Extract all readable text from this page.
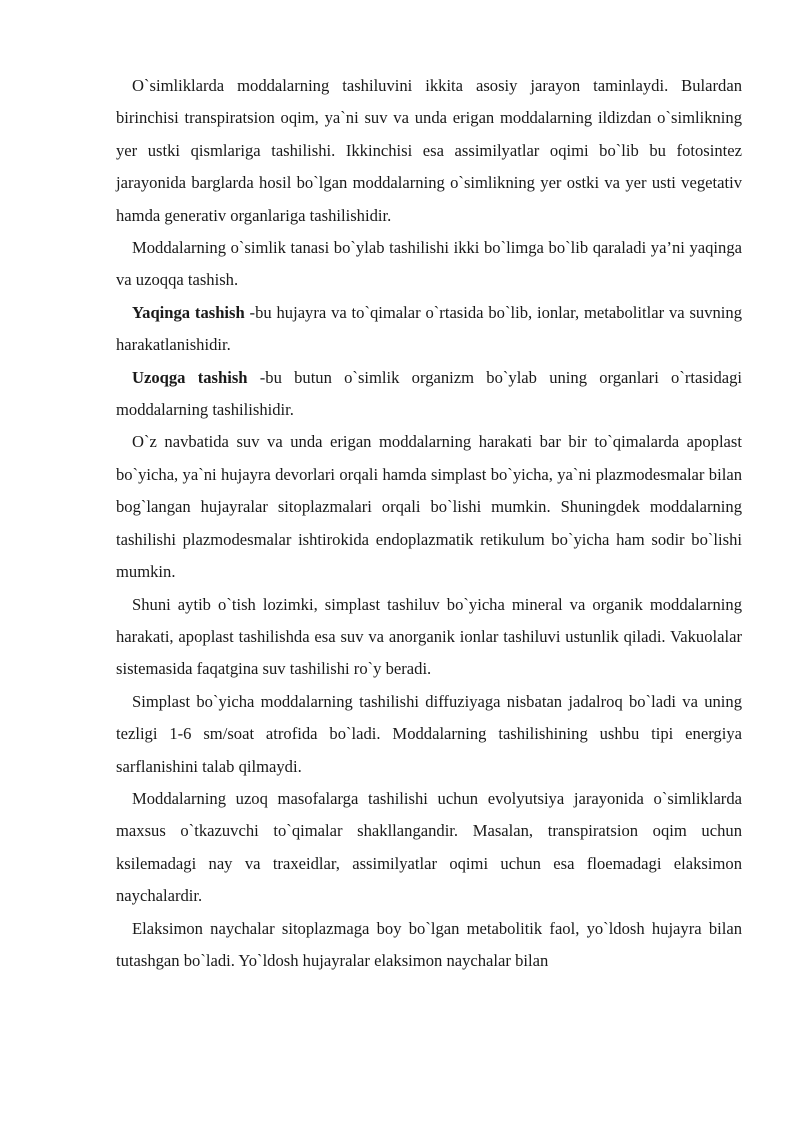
O`simliklarda moddalarning tashiluvini ikkita asosiy jarayon taminlaydi. Bulardan birinchisi transpiratsion oqim, ya`ni suv va unda erigan moddalarning ildizdan o`simlikning yer ustki qismlariga tashilishi. Ikkinchisi esa assimilyatlar oqimi bo`lib bu fotosintez jarayonida barglarda hosil bo`lgan moddalarning o`simlikning yer ostki va yer usti vegetativ hamda generativ organlariga tashilishidir.

Moddalarning o`simlik tanasi bo`ylab tashilishi ikki bo`limga bo`lib qaraladi ya’ni yaqinga va uzoqqa tashish.

Yaqinga tashish -bu hujayra va to`qimalar o`rtasida bo`lib, ionlar, metabolitlar va suvning harakatlanishidir.

Uzoqga tashish -bu butun o`simlik organizm bo`ylab uning organlari o`rtasidagi moddalarning tashilishidir.

O`z navbatida suv va unda erigan moddalarning harakati bar bir to`qimalarda apoplast bo`yicha, ya`ni hujayra devorlari orqali hamda simplast bo`yicha, ya`ni plazmodesmalar bilan bog`langan hujayralar sitoplazmalari orqali bo`lishi mumkin. Shuningdek moddalarning tashilishi plazmodesmalar ishtirokida endoplazmatik retikulum bo`yicha ham sodir bo`lishi mumkin.

Shuni aytib o`tish lozimki, simplast tashiluv bo`yicha mineral va organik moddalarning harakati, apoplast tashilishda esa suv va anorganik ionlar tashiluvi ustunlik qiladi. Vakuolalar sistemasida faqatgina suv tashilishi ro`y beradi.

Simplast bo`yicha moddalarning tashilishi diffuziyaga nisbatan jadalroq bo`ladi va uning tezligi 1-6 sm/soat atrofida bo`ladi. Moddalarning tashilishining ushbu tipi energiya sarflanishini talab qilmaydi.

Moddalarning uzoq masofalarga tashilishi uchun evolyutsiya jarayonida o`simliklarda maxsus o`tkazuvchi to`qimalar shakllangandir. Masalan, transpiratsion oqim uchun ksilemadagi nay va traxeidlar, assimilyatlar oqimi uchun esa floemadagi elaksimon naychalardir.

Elaksimon naychalar sitoplazmaga boy bo`lgan metabolitik faol, yo`ldosh hujayra bilan tutashgan bo`ladi. Yo`ldosh hujayralar elaksimon naychalar bilan
